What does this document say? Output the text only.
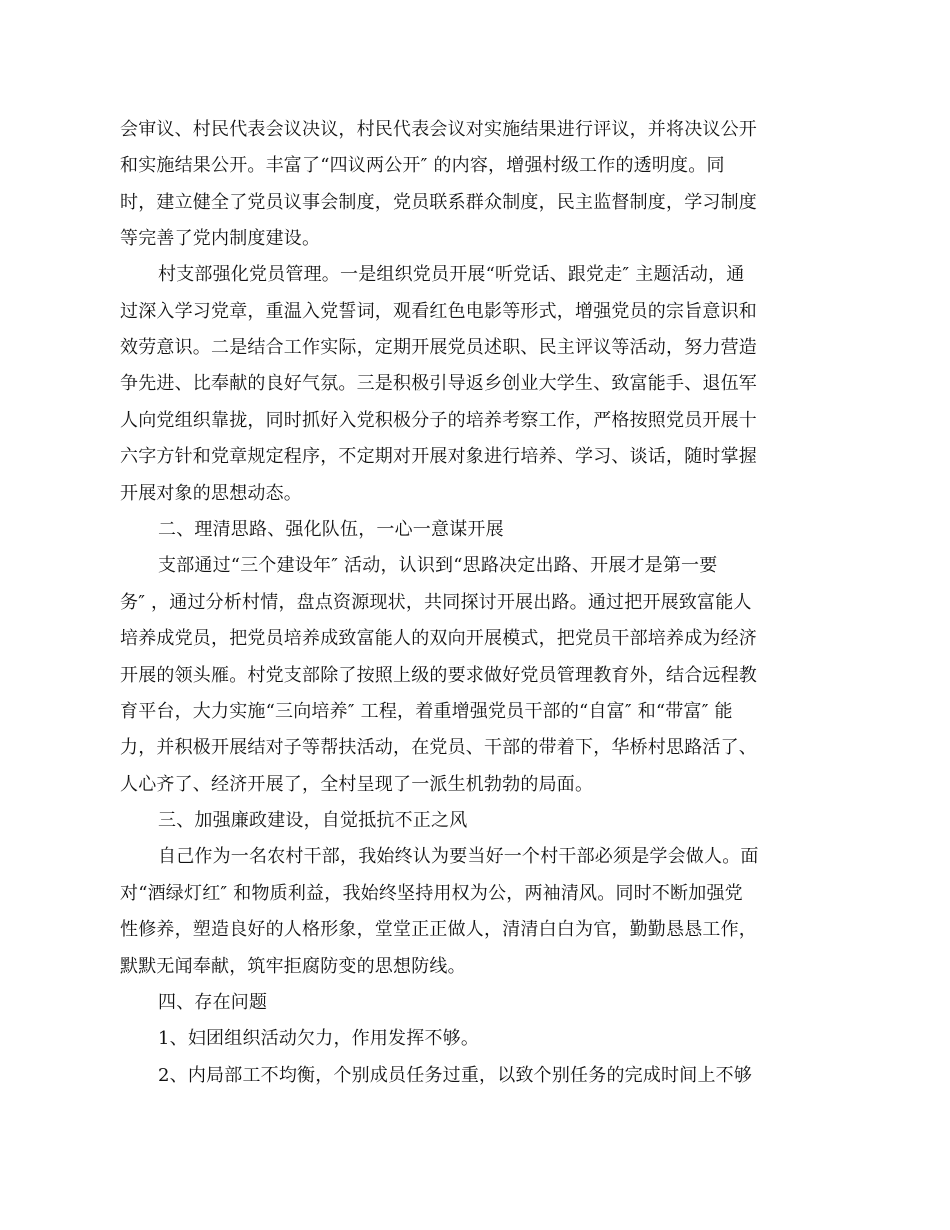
会审议、村民代表会议决议，村民代表会议对实施结果进行评议，并将决议公开
和实施结果公开。丰富了“四议两公开″ 的内容，增强村级工作的透明度。同
时，建立健全了党员议事会制度，党员联系群众制度，民主监督制度，学习制度
等完善了党内制度建设。
村支部强化党员管理。一是组织党员开展“听党话、跟党走″ 主题活动，通
过深入学习党章，重温入党誓词，观看红色电影等形式，增强党员的宗旨意识和
效劳意识。二是结合工作实际，定期开展党员述职、民主评议等活动，努力营造
争先进、比奉献的良好气氛。三是积极引导返乡创业大学生、致富能手、退伍军
人向党组织靠拢，同时抓好入党积极分子的培养考察工作，严格按照党员开展十
六字方针和党章规定程序，不定期对开展对象进行培养、学习、谈话，随时掌握
开展对象的思想动态。
二、理清思路、强化队伍，一心一意谋开展
支部通过“三个建设年″ 活动，认识到“思路决定出路、开展才是第一要
务″ ，通过分析村情，盘点资源现状，共同探讨开展出路。通过把开展致富能人
培养成党员，把党员培养成致富能人的双向开展模式，把党员干部培养成为经济
开展的领头雁。村党支部除了按照上级的要求做好党员管理教育外，结合远程教
育平台，大力实施“三向培养″ 工程，着重增强党员干部的“自富″ 和“带富″ 能
力，并积极开展结对子等帮扶活动，在党员、干部的带着下，华桥村思路活了、
人心齐了、经济开展了，全村呈现了一派生机勃勃的局面。
三、加强廉政建设，自觉抵抗不正之风
自己作为一名农村干部，我始终认为要当好一个村干部必须是学会做人。面
对“酒绿灯红″ 和物质利益，我始终坚持用权为公，两袖清风。同时不断加强党
性修养，塑造良好的人格形象，堂堂正正做人，清清白白为官，勤勤恳恳工作，
默默无闻奉献，筑牢拒腐防变的思想防线。
四、存在问题
1、妇团组织活动欠力，作用发挥不够。
2、内局部工不均衡，个别成员任务过重，以致个别任务的完成时间上不够
